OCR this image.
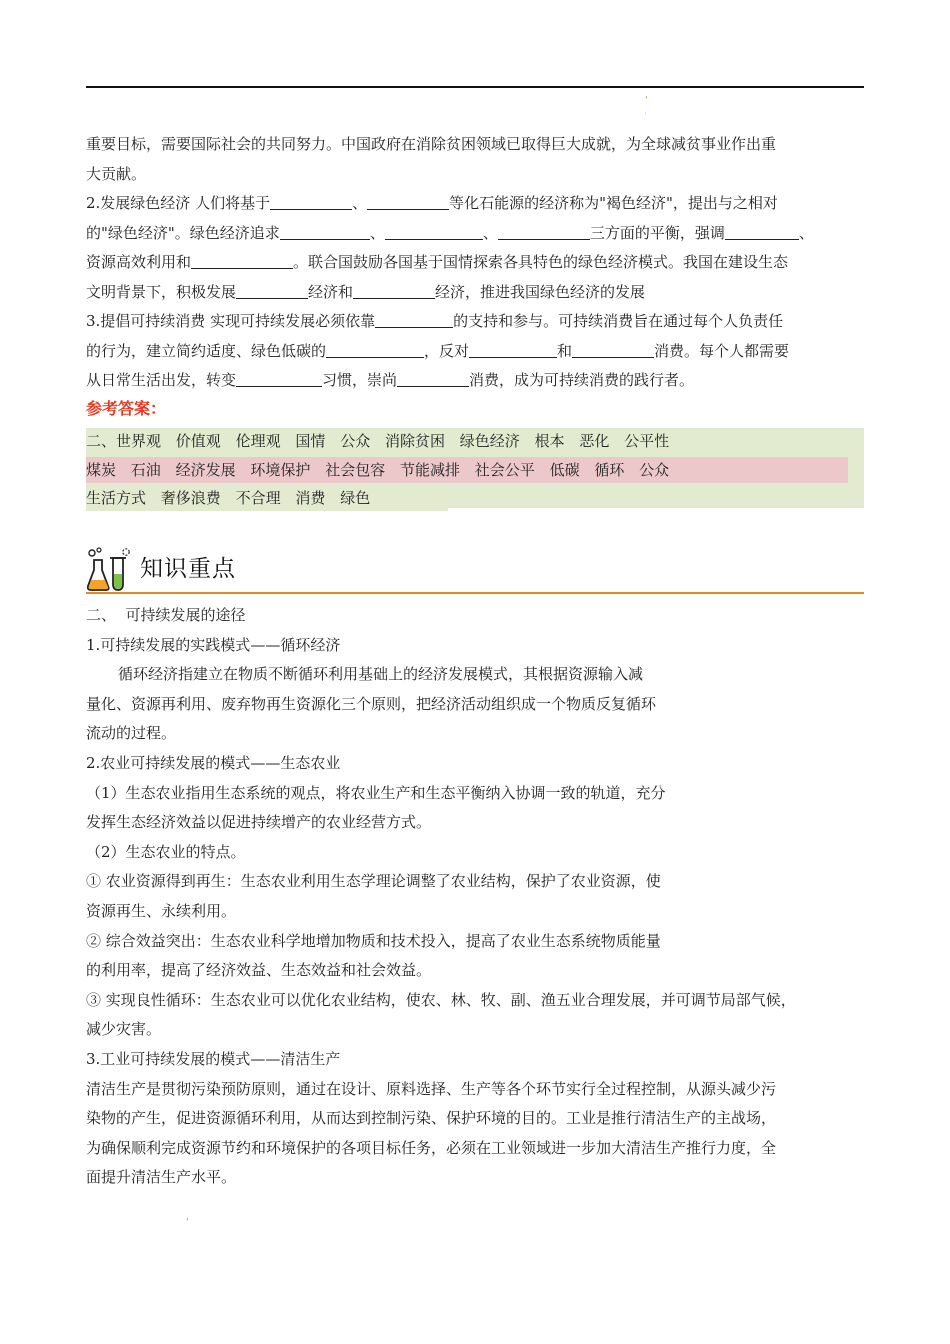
'
'

重要目标，需要国际社会的共同努力。中国政府在消除贫困领域已取得巨大成就，为全球减贫事业作出重

大贡献。

2.发展绿色经济 人们将基于	、	等化石能源的经济称为"褐色经济"，提出与之相对

的"绿色经济"。绿色经济追求	、	、	三方面的平衡，强调	、

资源高效利用和	。联合国鼓励各国基于国情探索各具特色的绿色经济模式。我国在建设生态

文明背景下，积极发展	经济和	经济，推进我国绿色经济的发展

3.提倡可持续消费 实现可持续发展必须依靠	的支持和参与。可持续消费旨在通过每个人负责任

的行为，建立简约适度、绿色低碳的	，反对	和	消费。每个人都需要

从日常生活出发，转变	习惯，崇尚	消费，成为可持续消费的践行者。

参考答案：
二、世界观 价值观 伦理观 国情 公众 消除贫困 绿色经济 根本 恶化 公平性
煤炭 石油 经济发展 环境保护 社会包容 节能减排 社会公平 低碳 循环 公众
生活方式 奢侈浪费 不合理 消费 绿色
知识重点

二、  可持续发展的途径

1.可持续发展的实践模式——循环经济

循环经济指建立在物质不断循环利用基础上的经济发展模式，其根据资源输入减

量化、资源再利用、废弃物再生资源化三个原则，把经济活动组织成一个物质反复循环

流动的过程。

2.农业可持续发展的模式——生态农业

（1）生态农业指用生态系统的观点，将农业生产和生态平衡纳入协调一致的轨道，充分

发挥生态经济效益以促进持续增产的农业经营方式。

（2）生态农业的特点。

① 农业资源得到再生：生态农业利用生态学理论调整了农业结构，保护了农业资源，使

资源再生、永续利用。

② 综合效益突出：生态农业科学地增加物质和技术投入，提高了农业生态系统物质能量

的利用率，提高了经济效益、生态效益和社会效益。

③ 实现良性循环：生态农业可以优化农业结构，使农、林、牧、副、渔五业合理发展，并可调节局部气候，

减少灾害。

3.工业可持续发展的模式——清洁生产

清洁生产是贯彻污染预防原则，通过在设计、原料选择、生产等各个环节实行全过程控制，从源头减少污

染物的产生，促进资源循环利用，从而达到控制污染、保护环境的目的。工业是推行清洁生产的主战场，

为确保顺利完成资源节约和环境保护的各项目标任务，必须在工业领域进一步加大清洁生产推行力度，全

面提升清洁生产水平。

'
